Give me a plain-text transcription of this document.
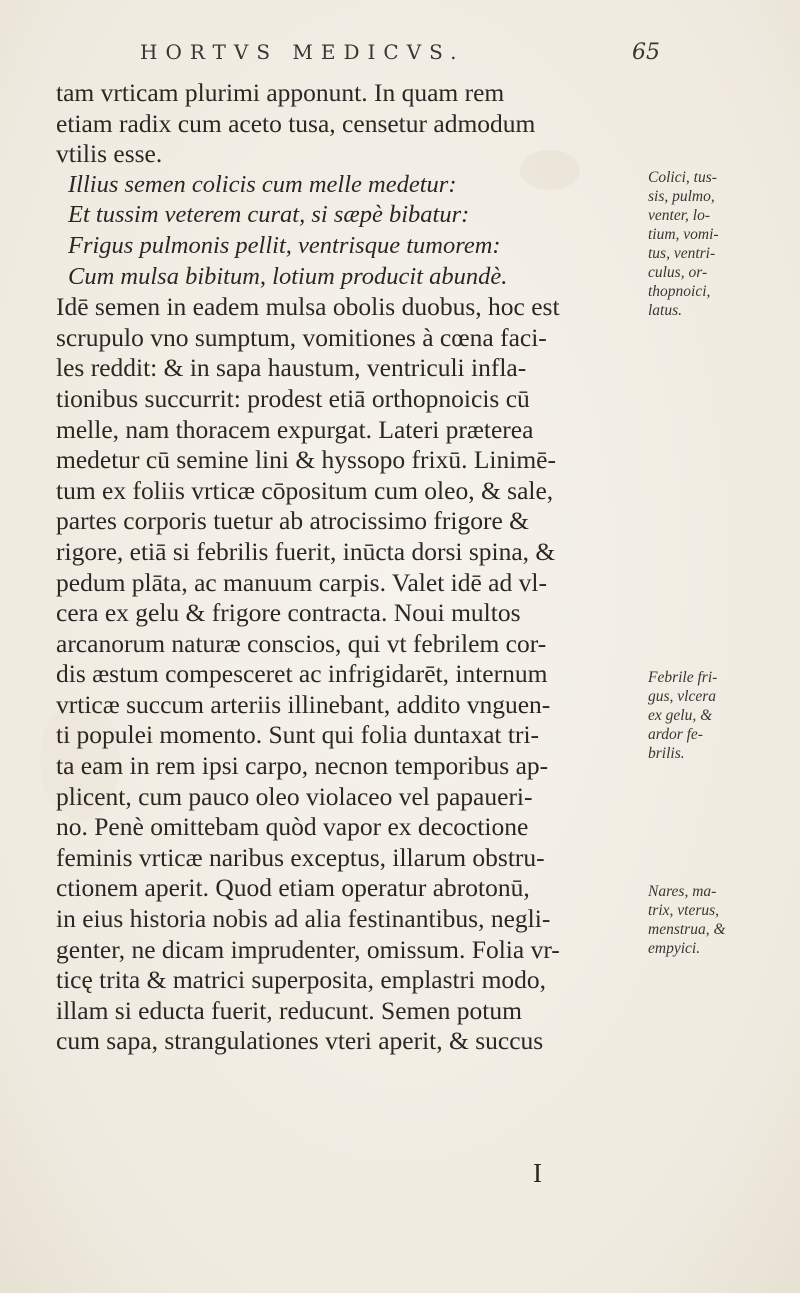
HORTVS MEDICVS.	65
tam vrticam plurimi apponunt. In quam rem
etiam radix cum aceto tusa, censetur admodum
vtilis esse.
Illius semen colicis cum melle medetur:
Et tussim veterem curat, si sæpè bibatur:
Frigus pulmonis pellit, ventrisque tumorem:
Cum mulsa bibitum, lotium producit abundè.
Idē semen in eadem mulsa obolis duobus, hoc est
scrupulo vno sumptum, vomitiones à cœna faci-
les reddit: & in sapa haustum, ventriculi infla-
tionibus succurrit: prodest etiā orthopnoicis cū
melle, nam thoracem expurgat. Lateri præterea
medetur cū semine lini & hyssopo frixū. Linimē-
tum ex foliis vrticæ cōpositum cum oleo, & sale,
partes corporis tuetur ab atrocissimo frigore &
rigore, etiā si febrilis fuerit, inūcta dorsi spina, &
pedum plāta, ac manuum carpis. Valet idē ad vl-
cera ex gelu & frigore contracta. Noui multos
arcanorum naturæ conscios, qui vt febrilem cor-
dis æstum compesceret ac infrigidarēt, internum
vrticæ succum arteriis illinebant, addito vnguen-
ti populei momento. Sunt qui folia duntaxat tri-
ta eam in rem ipsi carpo, necnon temporibus ap-
plicent, cum pauco oleo violaceo vel papaueri-
no. Penè omittebam quòd vapor ex decoctione
feminis vrticæ naribus exceptus, illarum obstru-
ctionem aperit. Quod etiam operatur abrotonū,
in eius historia nobis ad alia festinantibus, negli-
genter, ne dicam imprudenter, omissum. Folia vr-
ticę trita & matrici superposita, emplastri modo,
illam si educta fuerit, reducunt. Semen potum
cum sapa, strangulationes vteri aperit, & succus
Colici, tus-
sis, pulmo,
venter, lo-
tium, vomi-
tus, ventri-
culus, or-
thopnoici,
latus.
Febrile fri-
gus, vlcera
ex gelu, &
ardor fe-
brilis.
Nares, ma-
trix, vterus,
menstrua, &
empyici.
I
